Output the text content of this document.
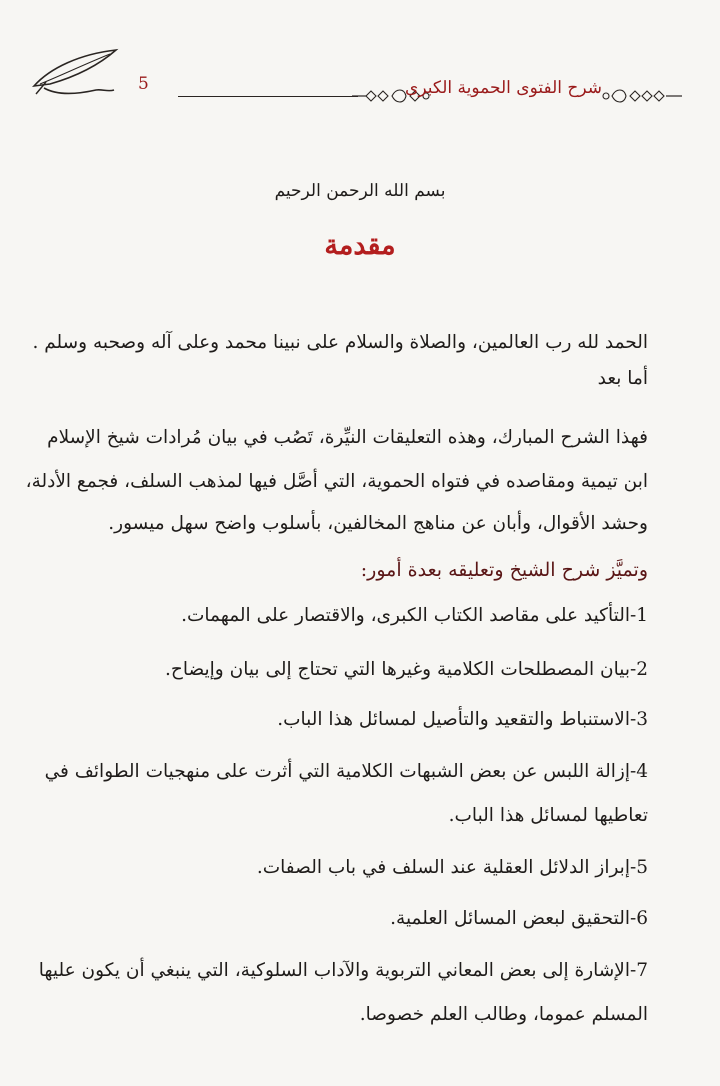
5	شرح الفتوى الحموية الكبرى
بسم الله الرحمن الرحيم
مقدمة
الحمد لله رب العالمين، والصلاة والسلام على نبينا محمد وعلى آله وصحبه وسلم .
أما بعد
فهذا الشرح المبارك، وهذه التعليقات النيِّرة، تَصُب في بيان مُرادات شيخ الإسلام
ابن تيمية ومقاصده في فتواه الحموية، التي أصَّل فيها لمذهب السلف، فجمع الأدلة،
وحشد الأقوال، وأبان عن مناهج المخالفين، بأسلوب واضح سهل ميسور.
وتميَّز شرح الشيخ وتعليقه بعدة أمور:
1-التأكيد على مقاصد الكتاب الكبرى، والاقتصار على المهمات.
2-بيان المصطلحات الكلامية وغيرها التي تحتاج إلى بيان وإيضاح.
3-الاستنباط والتقعيد والتأصيل لمسائل هذا الباب.
4-إزالة اللبس عن بعض الشبهات الكلامية التي أثرت على منهجيات الطوائف في
تعاطيها لمسائل هذا الباب.
5-إبراز الدلائل العقلية عند السلف في باب الصفات.
6-التحقيق لبعض المسائل العلمية.
7-الإشارة إلى بعض المعاني التربوية والآداب السلوكية، التي ينبغي أن يكون عليها
المسلم عموما، وطالب العلم خصوصا.
